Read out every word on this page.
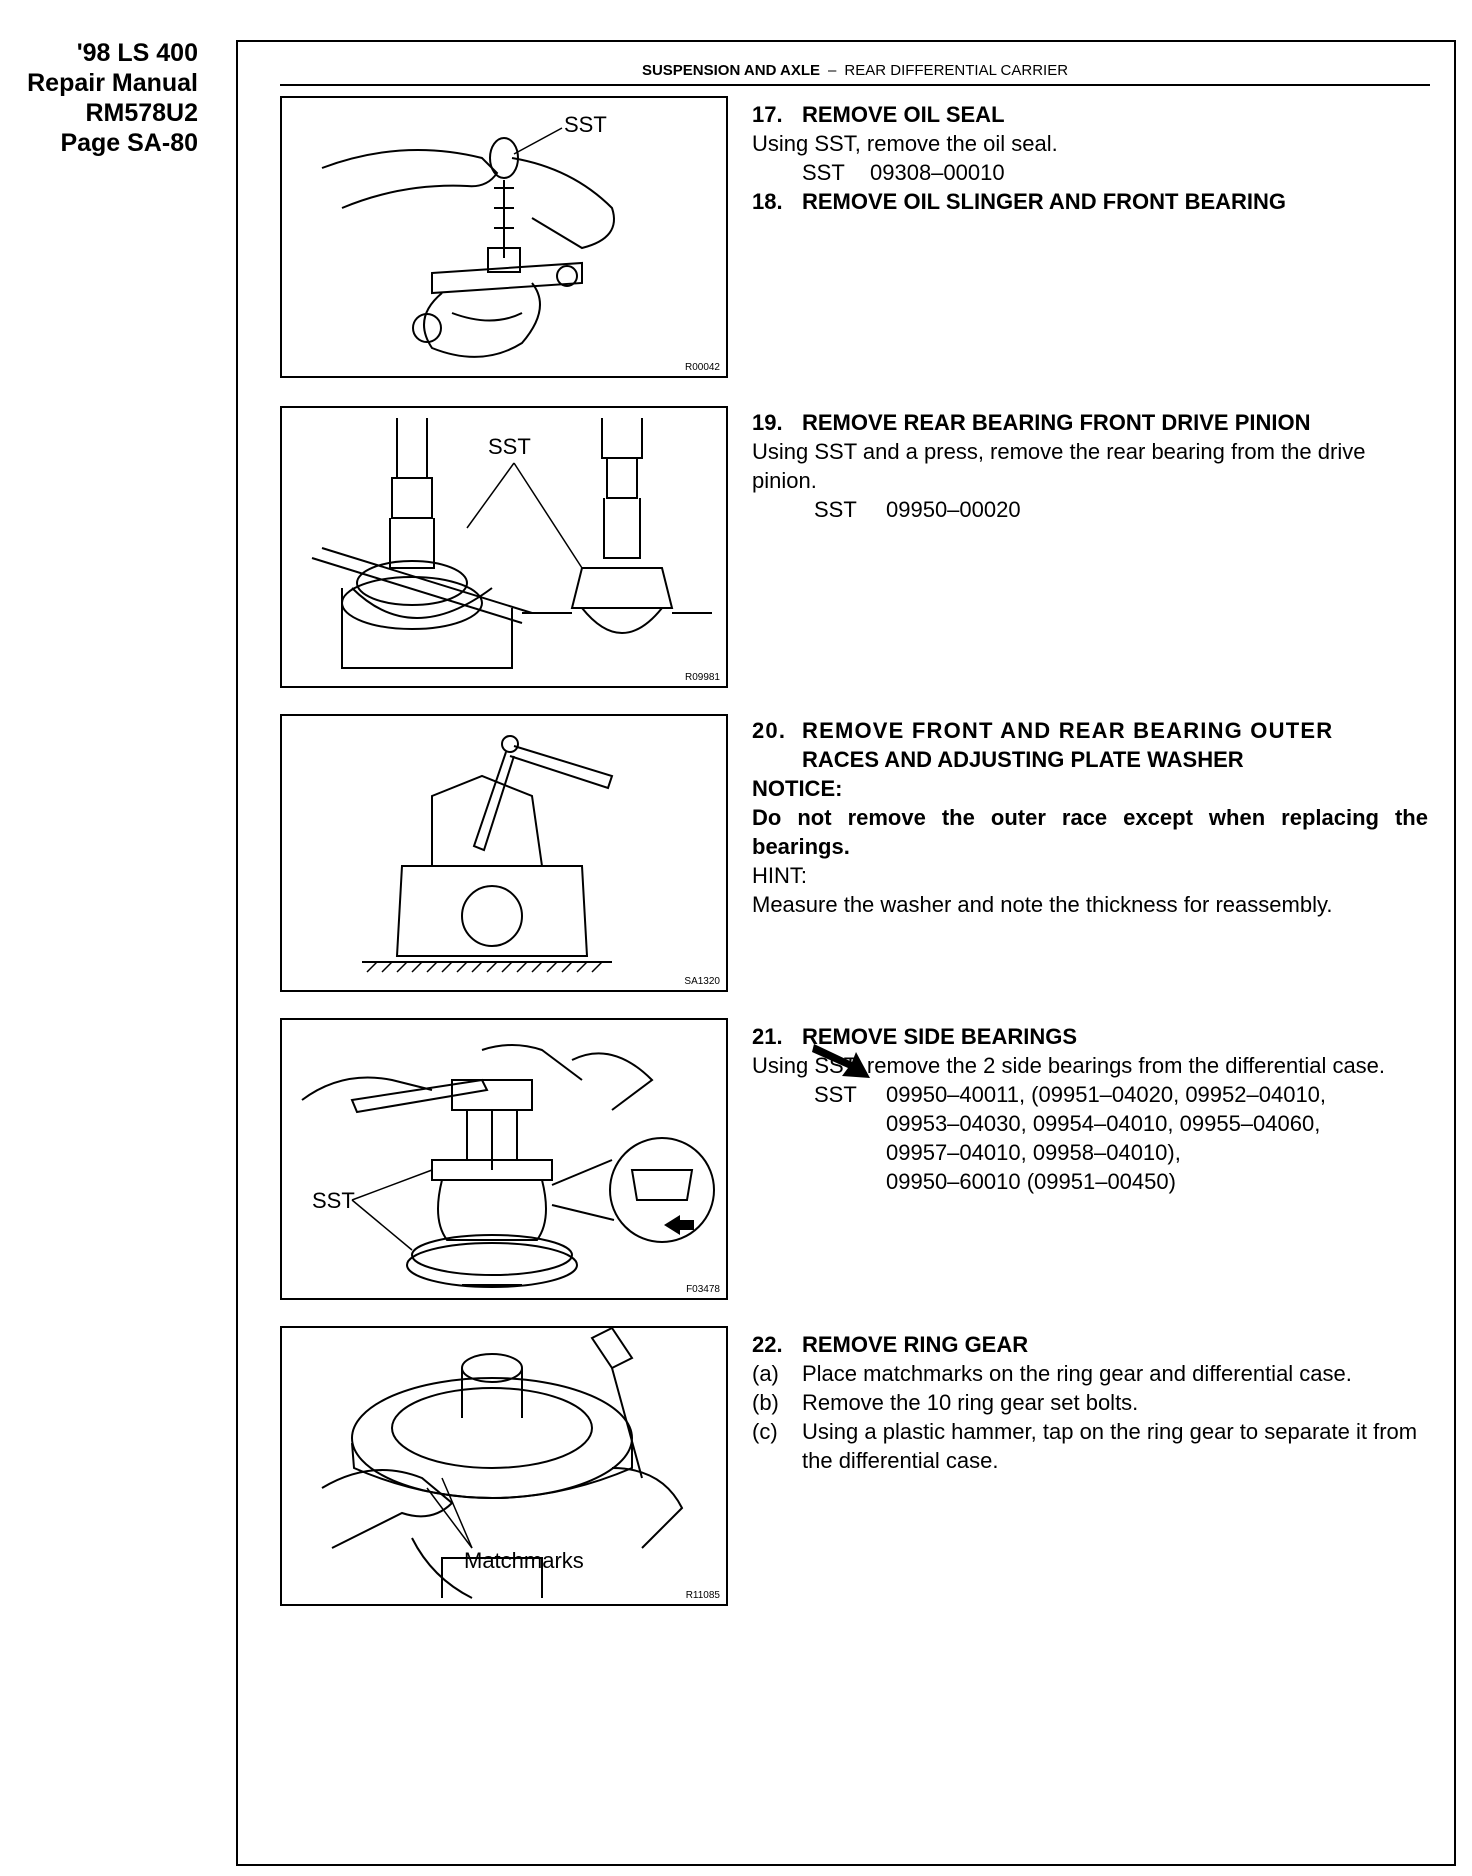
'98 LS 400
Repair Manual
RM578U2
Page SA-80
SUSPENSION AND AXLE – REAR DIFFERENTIAL CARRIER
SST
R00042
SST
R09981
SA1320
SST
F03478
Matchmarks
R11085
17. REMOVE OIL SEAL
Using SST, remove the oil seal.
SST	09308–00010
18. REMOVE OIL SLINGER AND FRONT BEARING
19. REMOVE REAR BEARING FRONT DRIVE PINION
Using SST and a press, remove the rear bearing from the drive pinion.
SST	09950–00020
20. REMOVE FRONT AND REAR BEARING OUTER
RACES AND ADJUSTING PLATE WASHER
NOTICE:
Do not remove the outer race except when replacing the bearings.
HINT:
Measure the washer and note the thickness for reassembly.
21. REMOVE SIDE BEARINGS
Using SST, remove the 2 side bearings from the differential case.
SST	09950–40011, (09951–04020, 09952–04010,
09953–04030, 09954–04010, 09955–04060,
09957–04010, 09958–04010),
09950–60010 (09951–00450)
22. REMOVE RING GEAR
(a)	Place matchmarks on the ring gear and differential case.
(b)	Remove the 10 ring gear set bolts.
(c)	Using a plastic hammer, tap on the ring gear to separate it from the differential case.
